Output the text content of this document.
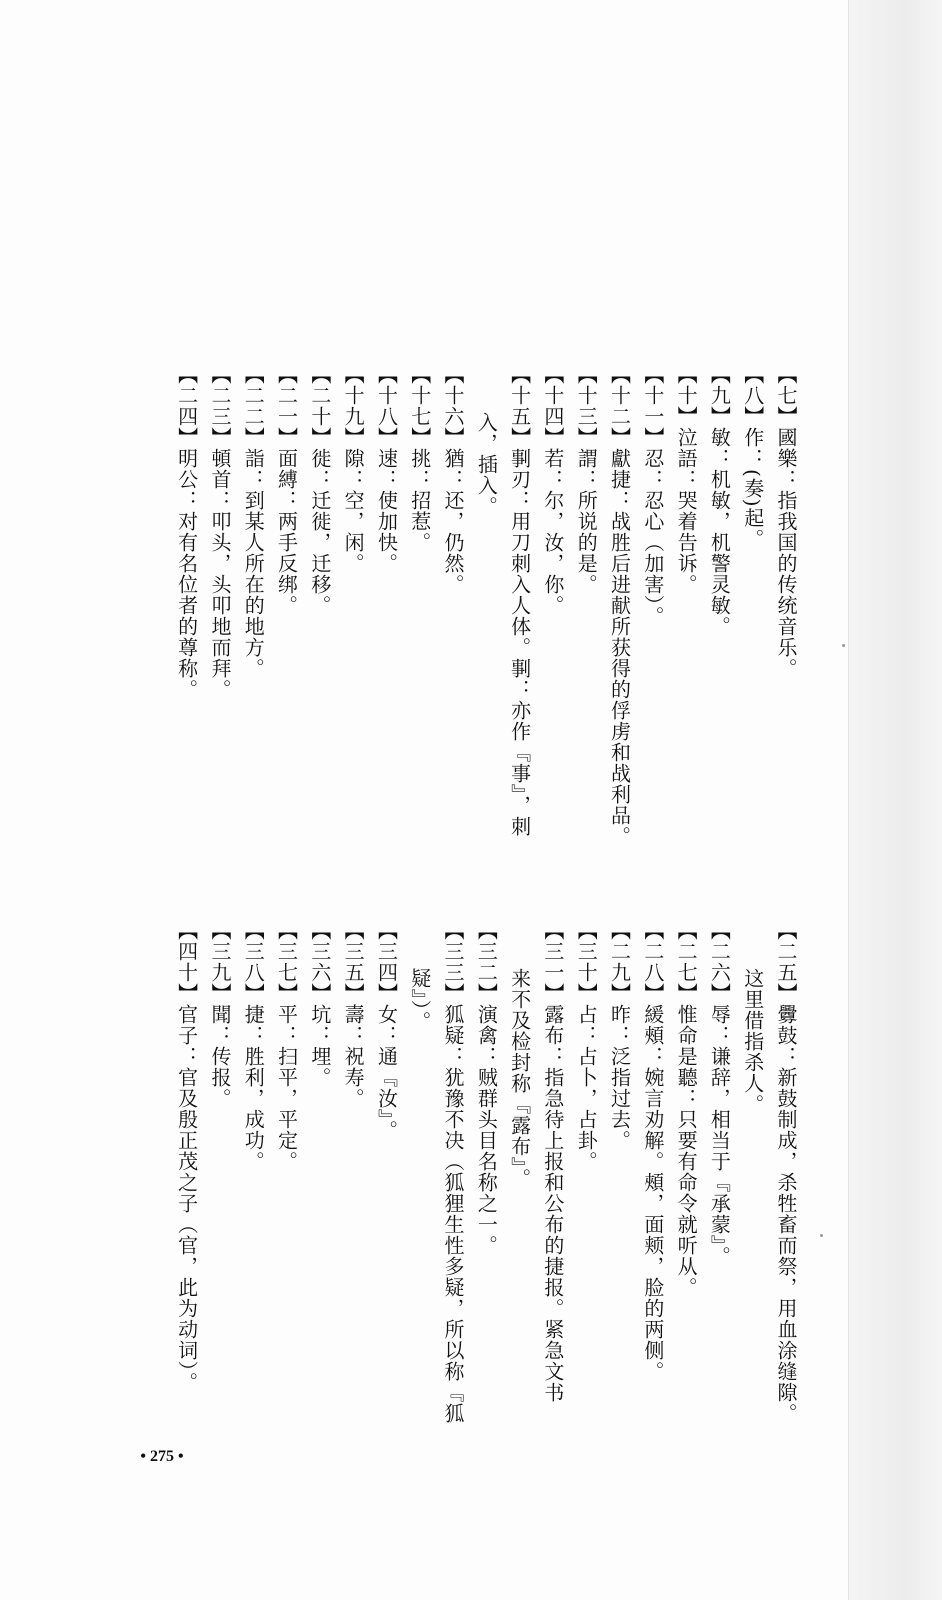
【七】國樂：指我国的传统音乐。
【八】作：(奏)起。
【九】敏：机敏，机警灵敏。
【十】泣語：哭着告诉。
【十一】忍：忍心（加害）。
【十二】獻捷：战胜后进献所获得的俘虏和战利品。
【十三】謂：所说的是。
【十四】若：尔，汝，你。
【十五】剚刃：用刀刺入人体。剚：亦作『事』，刺
入，插入。
【十六】猶：还，仍然。
【十七】挑：招惹。
【十八】速：使加快。
【十九】隙：空，闲。
【二十】徙：迁徙，迁移。
【二一】面縛：两手反绑。
【二二】詣：到某人所在的地方。
【二三】頓首：叩头，头叩地而拜。
【二四】明公：对有名位者的尊称。
【二五】釁鼓：新鼓制成，杀牲畜而祭，用血涂缝隙。
这里借指杀人。
【二六】辱：谦辞，相当于『承蒙』。
【二七】惟命是聽：只要有命令就听从。
【二八】緩頰：婉言劝解。頰，面颊，脸的两侧。
【二九】昨：泛指过去。
【三十】占：占卜，占卦。
【三一】露布：指急待上报和公布的捷报。紧急文书
来不及检封称『露布』。
【三二】演禽：贼群头目名称之一。
【三三】狐疑：犹豫不决（狐狸生性多疑，所以称『狐
疑』）。
【三四】女：通『汝』。
【三五】壽：祝寿。
【三六】坑：埋。
【三七】平：扫平，平定。
【三八】捷：胜利，成功。
【三九】聞：传报。
【四十】官子：官及殷正茂之子（官，此为动词）。
• 275 •
